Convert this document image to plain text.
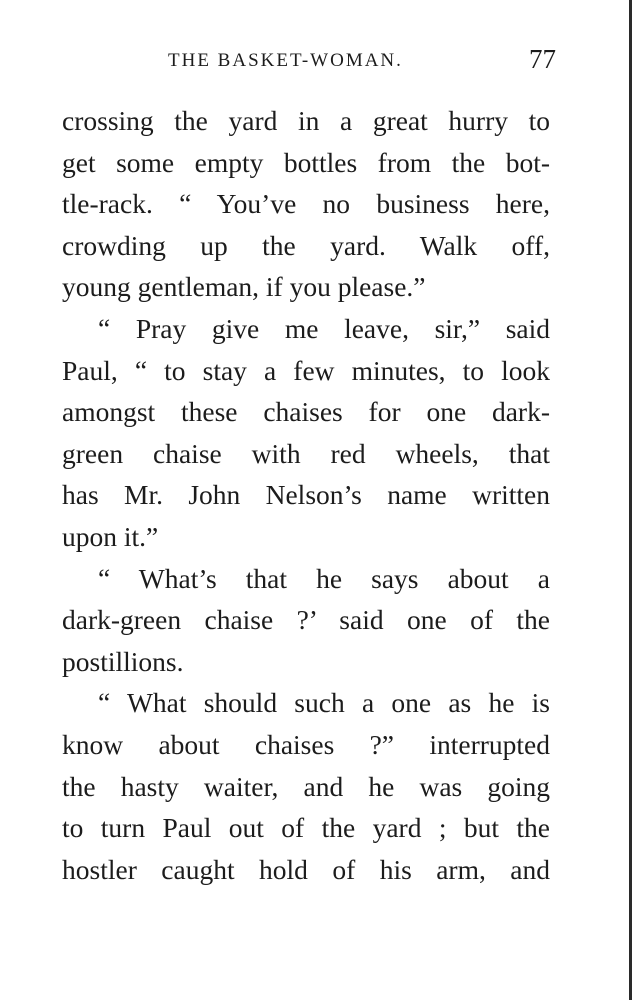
THE BASKET-WOMAN.	77
crossing the yard in a great hurry to
get some empty bottles from the bot-
tle-rack. “ You’ve no business here,
crowding up the yard. Walk off,
young gentleman, if you please.”
“ Pray give me leave, sir,” said
Paul, “ to stay a few minutes, to look
amongst these chaises for one dark-
green chaise with red wheels, that
has Mr. John Nelson’s name written
upon it.”
“ What’s that he says about a
dark-green chaise ?’ said one of the
postillions.
“ What should such a one as he is
know about chaises ?” interrupted
the hasty waiter, and he was going
to turn Paul out of the yard ; but the
hostler caught hold of his arm, and
